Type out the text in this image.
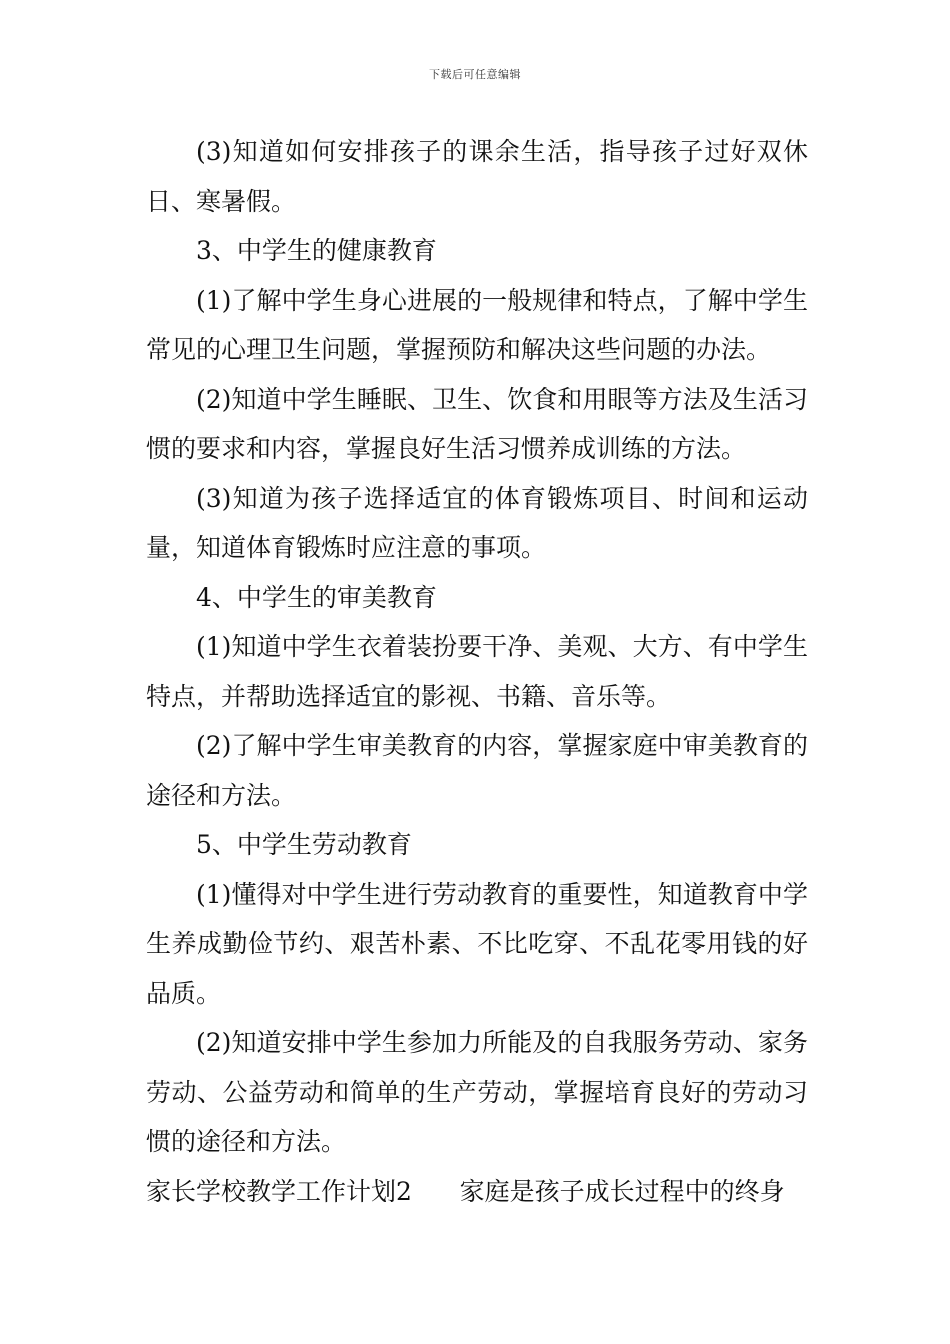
下载后可任意编辑

(3)知道如何安排孩子的课余生活，指导孩子过好双休日、寒暑假。

3、中学生的健康教育

(1)了解中学生身心进展的一般规律和特点，了解中学生常见的心理卫生问题，掌握预防和解决这些问题的办法。

(2)知道中学生睡眠、卫生、饮食和用眼等方法及生活习惯的要求和内容，掌握良好生活习惯养成训练的方法。

(3)知道为孩子选择适宜的体育锻炼项目、时间和运动量，知道体育锻炼时应注意的事项。

4、中学生的审美教育

(1)知道中学生衣着装扮要干净、美观、大方、有中学生特点，并帮助选择适宜的影视、书籍、音乐等。

(2)了解中学生审美教育的内容，掌握家庭中审美教育的途径和方法。

5、中学生劳动教育

(1)懂得对中学生进行劳动教育的重要性，知道教育中学生养成勤俭节约、艰苦朴素、不比吃穿、不乱花零用钱的好品质。

(2)知道安排中学生参加力所能及的自我服务劳动、家务劳动、公益劳动和简单的生产劳动，掌握培育良好的劳动习惯的途径和方法。

家长学校教学工作计划2 家庭是孩子成长过程中的终身
